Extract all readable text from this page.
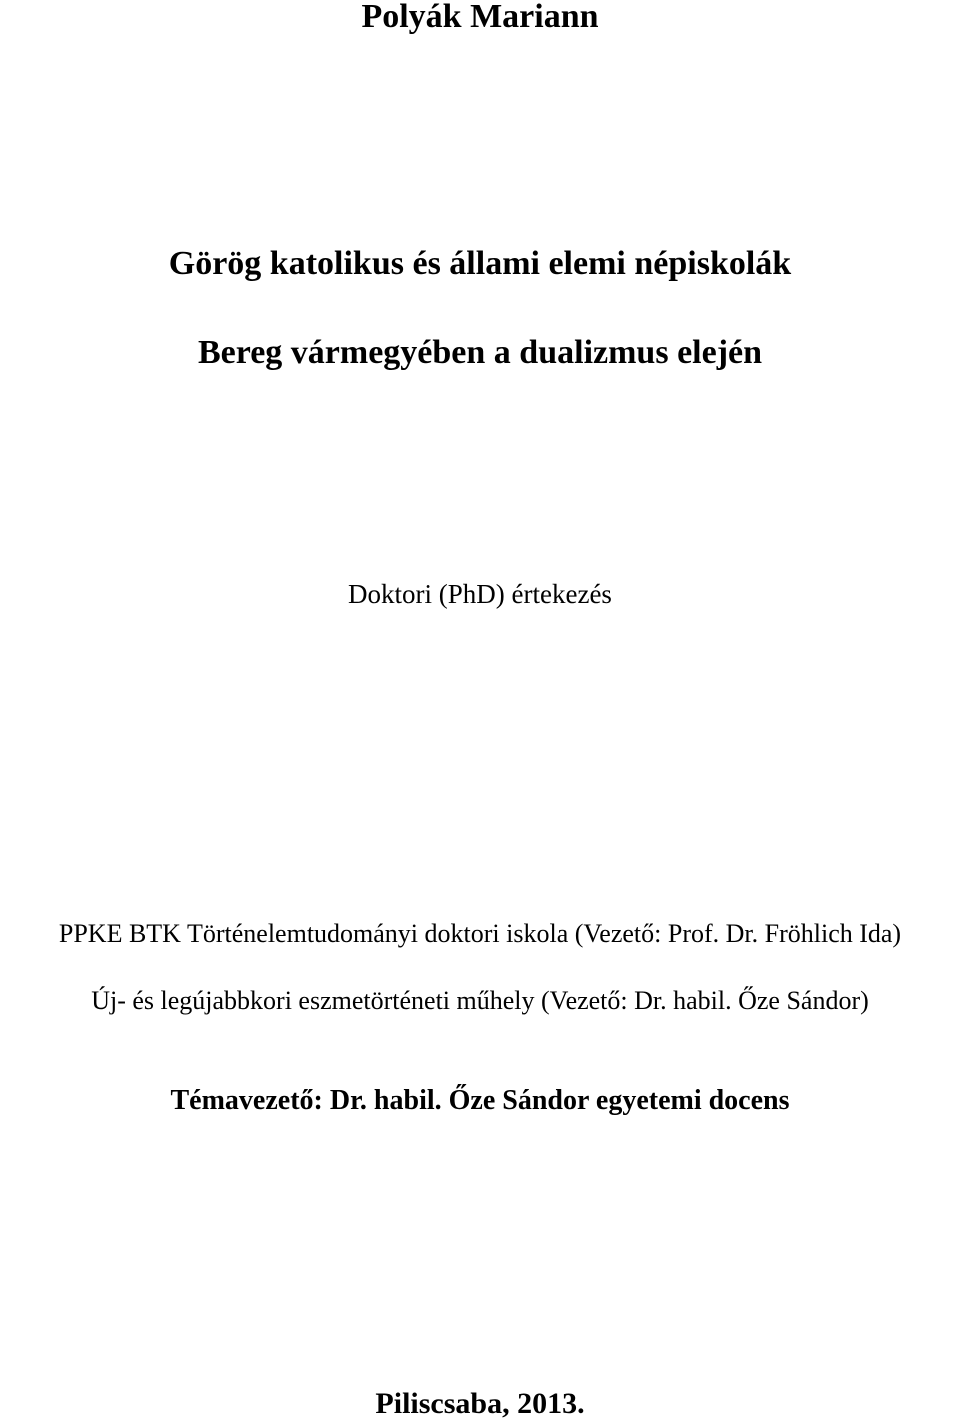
Polyák Mariann
Görög katolikus és állami elemi népiskolák
Bereg vármegyében a dualizmus elején
Doktori (PhD) értekezés
PPKE BTK Történelemtudományi doktori iskola (Vezető: Prof. Dr. Fröhlich Ida)
Új- és legújabbkori eszmetörténeti műhely (Vezető: Dr. habil. Őze Sándor)
Témavezető: Dr. habil. Őze Sándor egyetemi docens
Piliscsaba, 2013.
